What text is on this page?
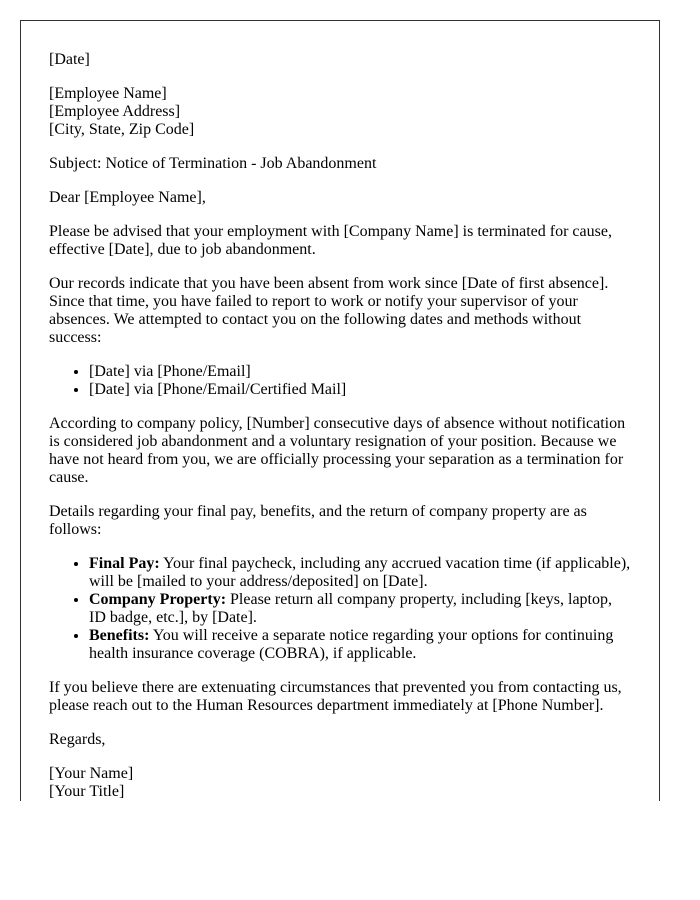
[Date]

[Employee Name]
[Employee Address]
[City, State, Zip Code]

Subject: Notice of Termination - Job Abandonment

Dear [Employee Name],

Please be advised that your employment with [Company Name] is terminated for cause, effective [Date], due to job abandonment.

Our records indicate that you have been absent from work since [Date of first absence]. Since that time, you have failed to report to work or notify your supervisor of your absences. We attempted to contact you on the following dates and methods without success:

• [Date] via [Phone/Email]
• [Date] via [Phone/Email/Certified Mail]

According to company policy, [Number] consecutive days of absence without notification is considered job abandonment and a voluntary resignation of your position. Because we have not heard from you, we are officially processing your separation as a termination for cause.

Details regarding your final pay, benefits, and the return of company property are as follows:

• Final Pay: Your final paycheck, including any accrued vacation time (if applicable), will be [mailed to your address/deposited] on [Date].
• Company Property: Please return all company property, including [keys, laptop, ID badge, etc.], by [Date].
• Benefits: You will receive a separate notice regarding your options for continuing health insurance coverage (COBRA), if applicable.

If you believe there are extenuating circumstances that prevented you from contacting us, please reach out to the Human Resources department immediately at [Phone Number].

Regards,

[Your Name]
[Your Title]
